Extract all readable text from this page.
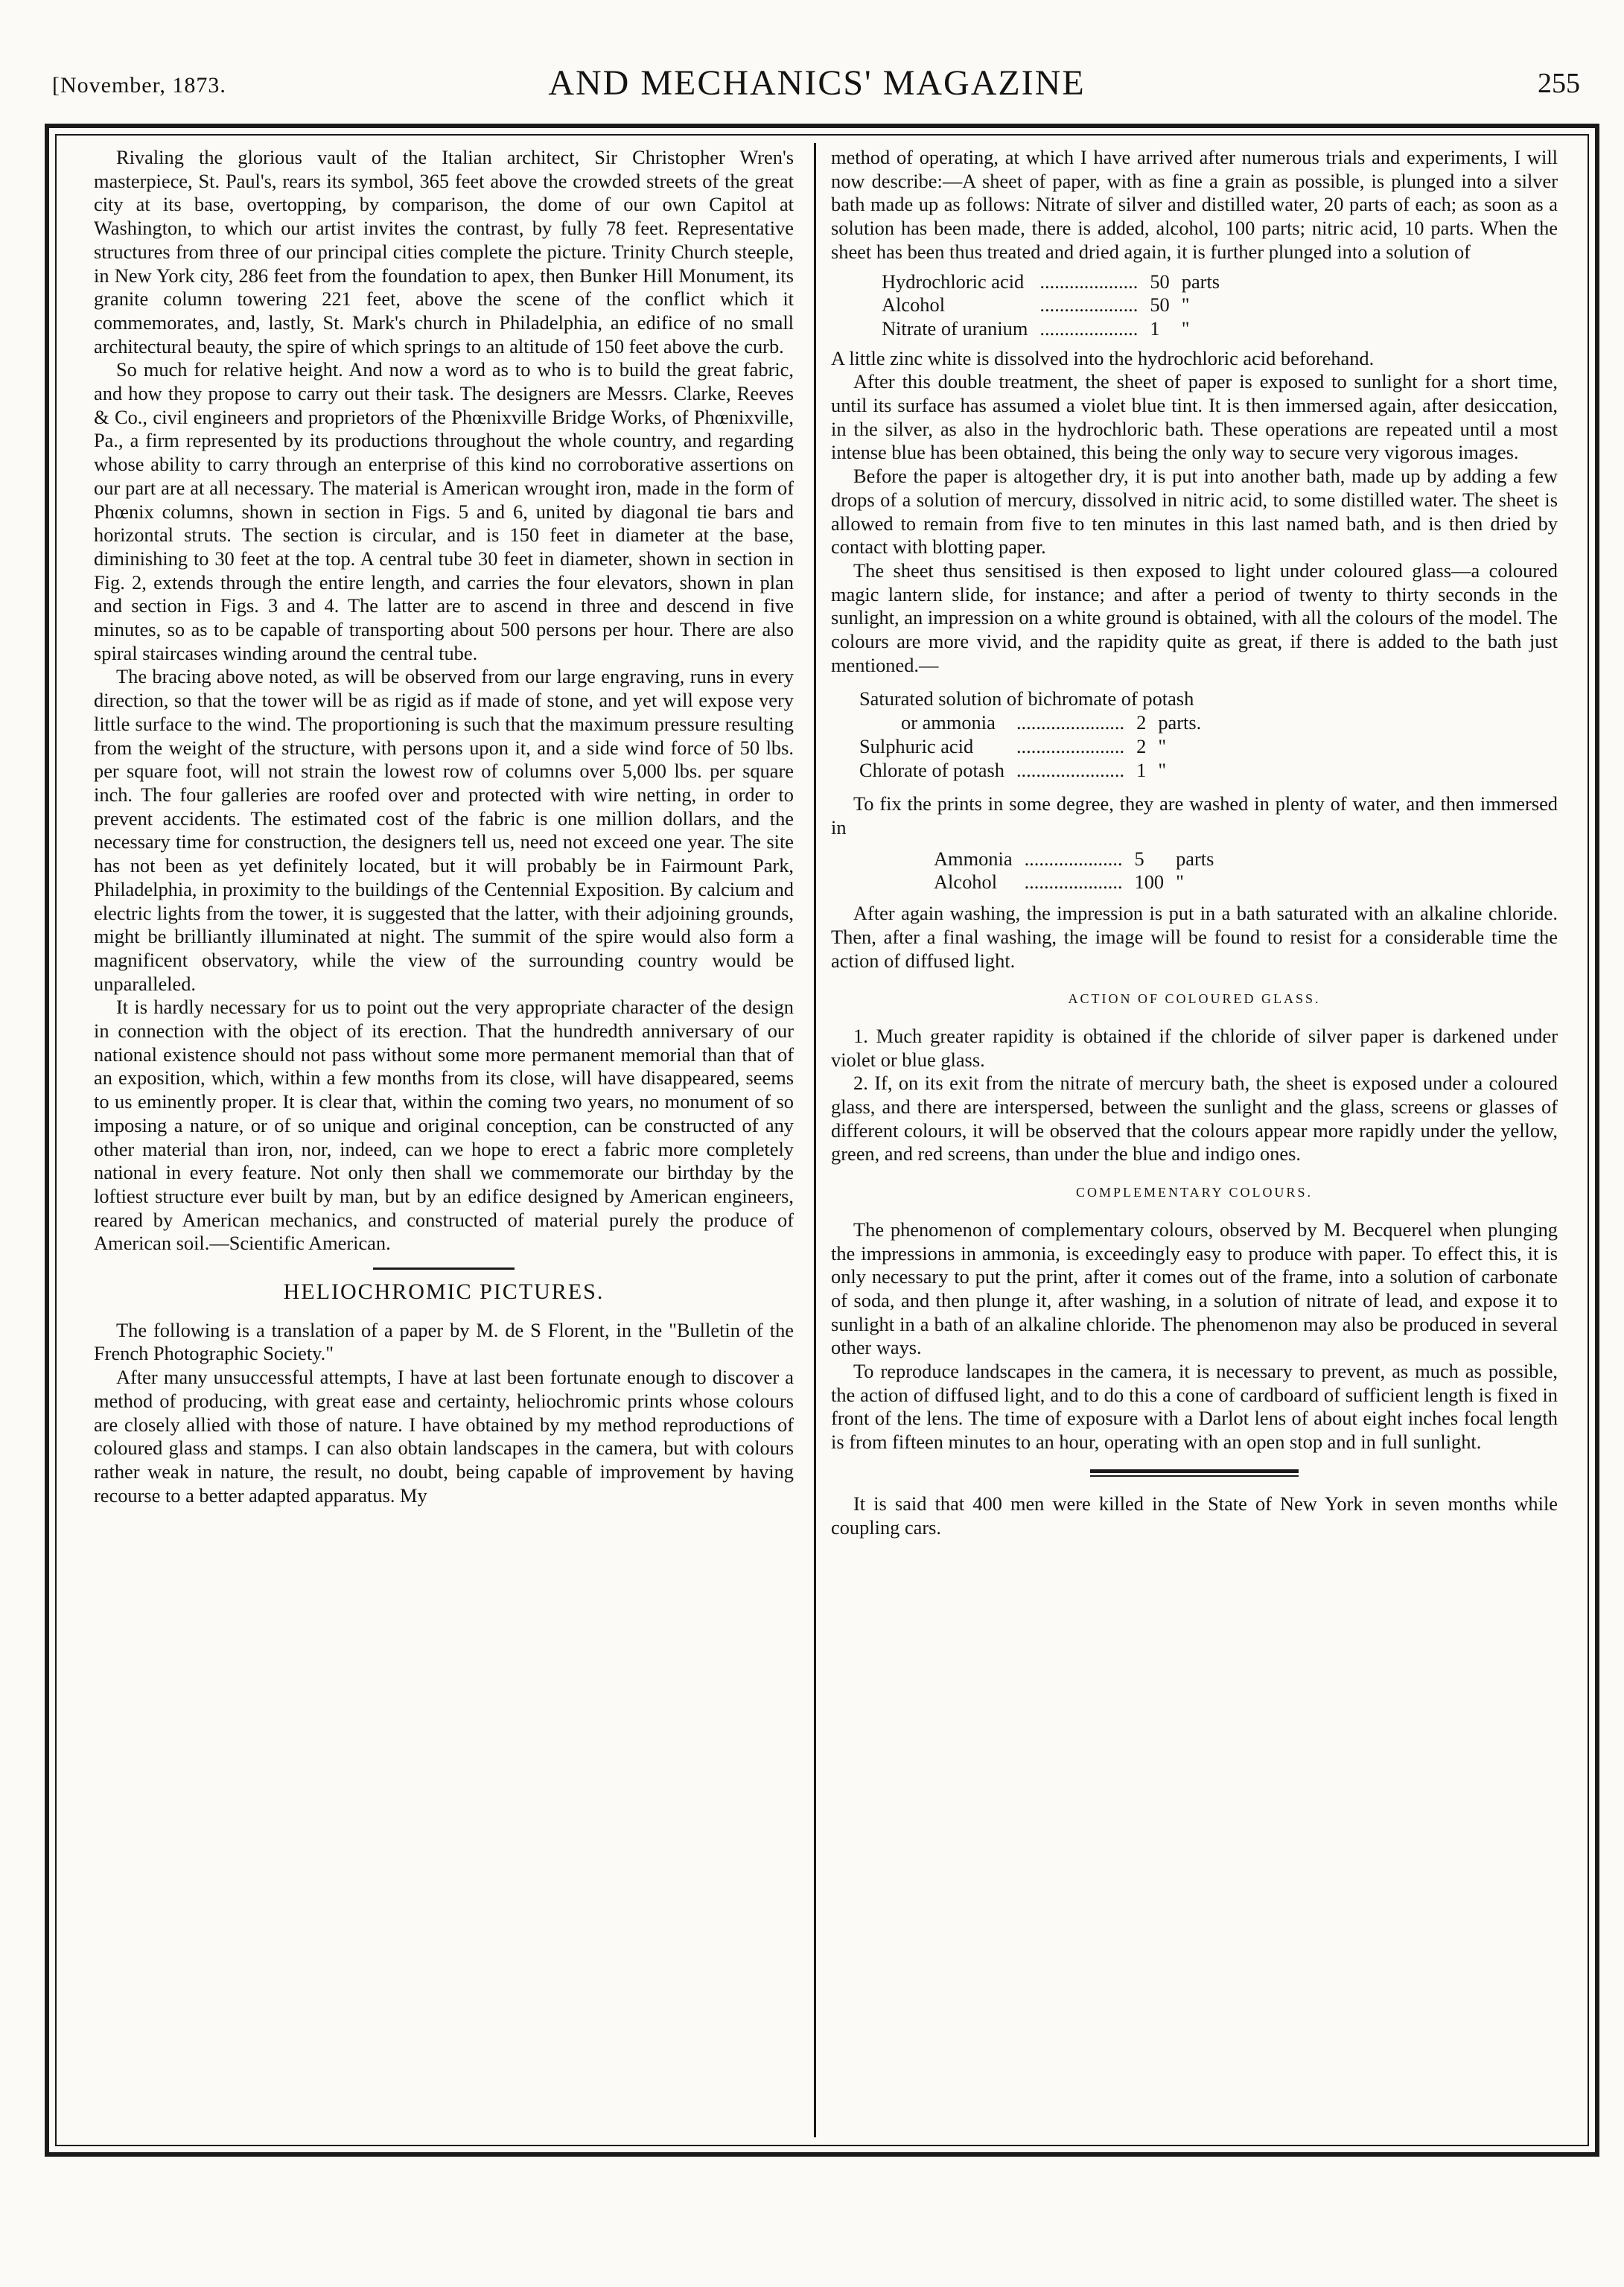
[November, 1873.	AND MECHANICS' MAGAZINE	255

Rivaling the glorious vault of the Italian architect, Sir Christopher Wren's masterpiece, St. Paul's, rears its symbol, 365 feet above the crowded streets of the great city at its base, overtopping, by comparison, the dome of our own Capitol at Washington, to which our artist invites the contrast, by fully 78 feet. Representative structures from three of our principal cities complete the picture. Trinity Church steeple, in New York city, 286 feet from the foundation to apex, then Bunker Hill Monument, its granite column towering 221 feet, above the scene of the conflict which it commemorates, and, lastly, St. Mark's church in Philadelphia, an edifice of no small architectural beauty, the spire of which springs to an altitude of 150 feet above the curb.

So much for relative height. And now a word as to who is to build the great fabric, and how they propose to carry out their task. The designers are Messrs. Clarke, Reeves & Co., civil engineers and proprietors of the Phœnixville Bridge Works, of Phœnixville, Pa., a firm represented by its productions throughout the whole country, and regarding whose ability to carry through an enterprise of this kind no corroborative assertions on our part are at all necessary. The material is American wrought iron, made in the form of Phœnix columns, shown in section in Figs. 5 and 6, united by diagonal tie bars and horizontal struts. The section is circular, and is 150 feet in diameter at the base, diminishing to 30 feet at the top. A central tube 30 feet in diameter, shown in section in Fig. 2, extends through the entire length, and carries the four elevators, shown in plan and section in Figs. 3 and 4. The latter are to ascend in three and descend in five minutes, so as to be capable of transporting about 500 persons per hour. There are also spiral staircases winding around the central tube.

The bracing above noted, as will be observed from our large engraving, runs in every direction, so that the tower will be as rigid as if made of stone, and yet will expose very little surface to the wind. The proportioning is such that the maximum pressure resulting from the weight of the structure, with persons upon it, and a side wind force of 50 lbs. per square foot, will not strain the lowest row of columns over 5,000 lbs. per square inch. The four galleries are roofed over and protected with wire netting, in order to prevent accidents. The estimated cost of the fabric is one million dollars, and the necessary time for construction, the designers tell us, need not exceed one year. The site has not been as yet definitely located, but it will probably be in Fairmount Park, Philadelphia, in proximity to the buildings of the Centennial Exposition. By calcium and electric lights from the tower, it is suggested that the latter, with their adjoining grounds, might be brilliantly illuminated at night. The summit of the spire would also form a magnificent observatory, while the view of the surrounding country would be unparalleled.

It is hardly necessary for us to point out the very appropriate character of the design in connection with the object of its erection. That the hundredth anniversary of our national existence should not pass without some more permanent memorial than that of an exposition, which, within a few months from its close, will have disappeared, seems to us eminently proper. It is clear that, within the coming two years, no monument of so imposing a nature, or of so unique and original conception, can be constructed of any other material than iron, nor, indeed, can we hope to erect a fabric more completely national in every feature. Not only then shall we commemorate our birthday by the loftiest structure ever built by man, but by an edifice designed by American engineers, reared by American mechanics, and constructed of material purely the produce of American soil.—Scientific American.

HELIOCHROMIC PICTURES.

The following is a translation of a paper by M. de S Florent, in the "Bulletin of the French Photographic Society."

After many unsuccessful attempts, I have at last been fortunate enough to discover a method of producing, with great ease and certainty, heliochromic prints whose colours are closely allied with those of nature. I have obtained by my method reproductions of coloured glass and stamps. I can also obtain landscapes in the camera, but with colours rather weak in nature, the result, no doubt, being capable of improvement by having recourse to a better adapted apparatus. My

method of operating, at which I have arrived after numerous trials and experiments, I will now describe:—A sheet of paper, with as fine a grain as possible, is plunged into a silver bath made up as follows: Nitrate of silver and distilled water, 20 parts of each; as soon as a solution has been made, there is added, alcohol, 100 parts; nitric acid, 10 parts. When the sheet has been thus treated and dried again, it is further plunged into a solution of

Hydrochloric acid	....................	50	parts
Alcohol	....................	50	"
Nitrate of uranium	....................	1	"

A little zinc white is dissolved into the hydrochloric acid beforehand.

After this double treatment, the sheet of paper is exposed to sunlight for a short time, until its surface has assumed a violet blue tint. It is then immersed again, after desiccation, in the silver, as also in the hydrochloric bath. These operations are repeated until a most intense blue has been obtained, this being the only way to secure very vigorous images.

Before the paper is altogether dry, it is put into another bath, made up by adding a few drops of a solution of mercury, dissolved in nitric acid, to some distilled water. The sheet is allowed to remain from five to ten minutes in this last named bath, and is then dried by contact with blotting paper.

The sheet thus sensitised is then exposed to light under coloured glass—a coloured magic lantern slide, for instance; and after a period of twenty to thirty seconds in the sunlight, an impression on a white ground is obtained, with all the colours of the model. The colours are more vivid, and the rapidity quite as great, if there is added to the bath just mentioned.—

Saturated solution of bichromate of potash			
or ammonia	......................	2	parts.
Sulphuric acid	......................	2	"
Chlorate of potash	......................	1	"

To fix the prints in some degree, they are washed in plenty of water, and then immersed in

Ammonia	....................	5	parts
Alcohol	....................	100	"

After again washing, the impression is put in a bath saturated with an alkaline chloride. Then, after a final washing, the image will be found to resist for a considerable time the action of diffused light.

ACTION OF COLOURED GLASS.

1. Much greater rapidity is obtained if the chloride of silver paper is darkened under violet or blue glass.

2. If, on its exit from the nitrate of mercury bath, the sheet is exposed under a coloured glass, and there are interspersed, between the sunlight and the glass, screens or glasses of different colours, it will be observed that the colours appear more rapidly under the yellow, green, and red screens, than under the blue and indigo ones.

COMPLEMENTARY COLOURS.

The phenomenon of complementary colours, observed by M. Becquerel when plunging the impressions in ammonia, is exceedingly easy to produce with paper. To effect this, it is only necessary to put the print, after it comes out of the frame, into a solution of carbonate of soda, and then plunge it, after washing, in a solution of nitrate of lead, and expose it to sunlight in a bath of an alkaline chloride. The phenomenon may also be produced in several other ways.

To reproduce landscapes in the camera, it is necessary to prevent, as much as possible, the action of diffused light, and to do this a cone of cardboard of sufficient length is fixed in front of the lens. The time of exposure with a Darlot lens of about eight inches focal length is from fifteen minutes to an hour, operating with an open stop and in full sunlight.

It is said that 400 men were killed in the State of New York in seven months while coupling cars.
